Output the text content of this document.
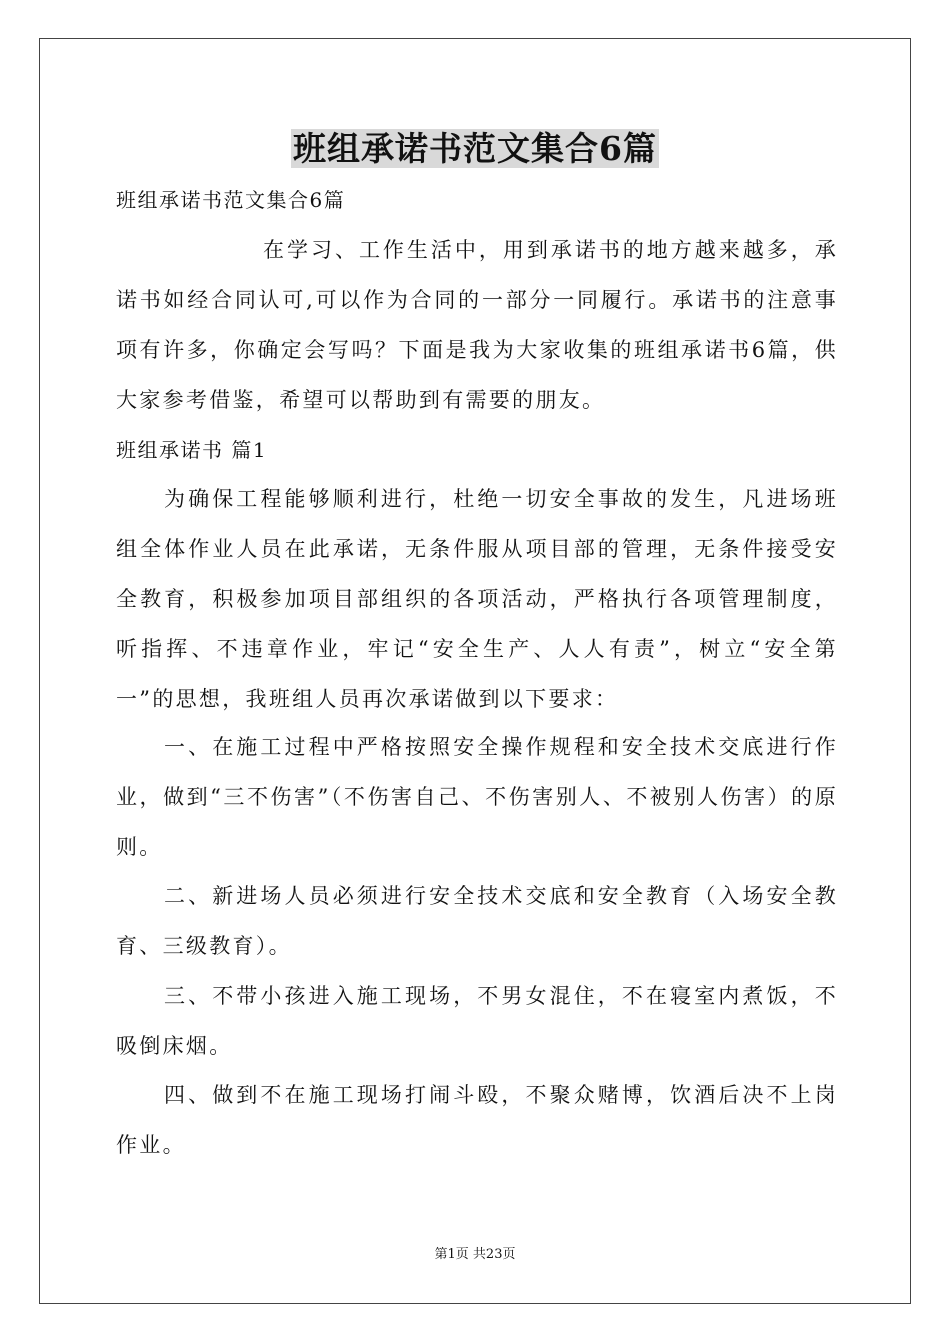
班组承诺书范文集合6篇

班组承诺书范文集合6篇

在学习、工作生活中，用到承诺书的地方越来越多，承诺书如经合同认可,可以作为合同的一部分一同履行。承诺书的注意事项有许多，你确定会写吗？下面是我为大家收集的班组承诺书6篇，供大家参考借鉴，希望可以帮助到有需要的朋友。

班组承诺书 篇1

为确保工程能够顺利进行，杜绝一切安全事故的发生，凡进场班组全体作业人员在此承诺，无条件服从项目部的管理，无条件接受安全教育，积极参加项目部组织的各项活动，严格执行各项管理制度，听指挥、不违章作业，牢记“安全生产、人人有责”，树立“安全第一”的思想，我班组人员再次承诺做到以下要求：

一、在施工过程中严格按照安全操作规程和安全技术交底进行作业，做到“三不伤害”（不伤害自己、不伤害别人、不被别人伤害）的原则。

二、新进场人员必须进行安全技术交底和安全教育（入场安全教育、三级教育）。

三、不带小孩进入施工现场，不男女混住，不在寝室内煮饭，不吸倒床烟。

四、做到不在施工现场打闹斗殴，不聚众赌博，饮酒后决不上岗作业。

第1页 共23页
